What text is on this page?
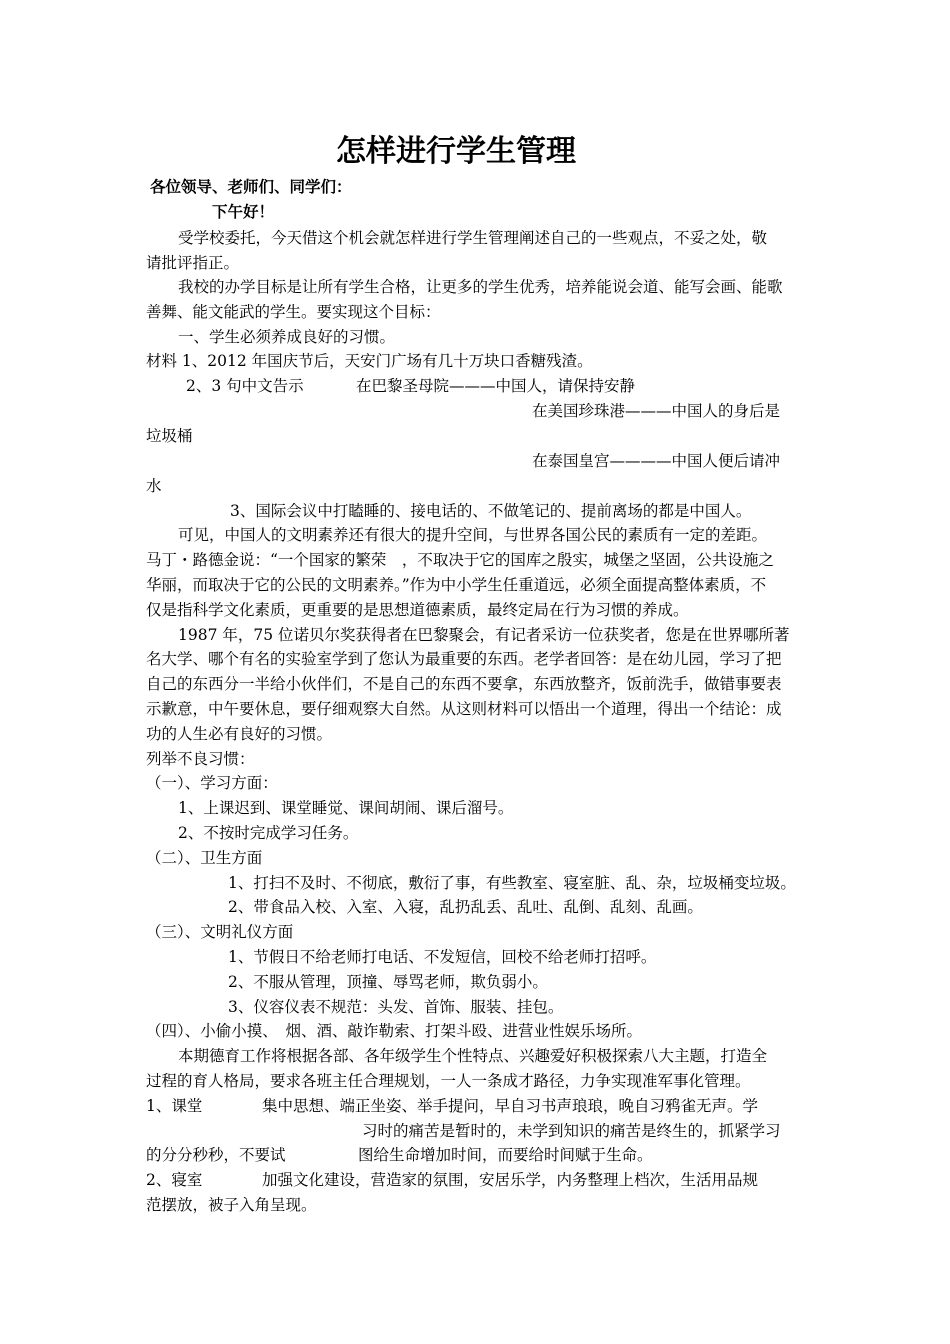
怎样进行学生管理
各位领导、老师们、同学们：
下午好！
受学校委托，今天借这个机会就怎样进行学生管理阐述自己的一些观点，不妥之处，敬
请批评指正。
我校的办学目标是让所有学生合格，让更多的学生优秀，培养能说会道、能写会画、能歌
善舞、能文能武的学生。要实现这个目标：
一、学生必须养成良好的习惯。
材料 1、2012 年国庆节后，天安门广场有几十万块口香糖残渣。
2、3 句中文告示	在巴黎圣母院———中国人，请保持安静
在美国珍珠港———中国人的身后是
垃圾桶
在泰国皇宫————中国人便后请冲
水
3、国际会议中打瞌睡的、接电话的、不做笔记的、提前离场的都是中国人。
可见，中国人的文明素养还有很大的提升空间，与世界各国公民的素质有一定的差距。
马丁・路德金说：“一个国家的繁荣　，不取决于它的国库之殷实，城堡之坚固，公共设施之
华丽，而取决于它的公民的文明素养。”作为中小学生任重道远，必须全面提高整体素质，不
仅是指科学文化素质，更重要的是思想道德素质，最终定局在行为习惯的养成。
1987 年，75 位诺贝尔奖获得者在巴黎聚会，有记者采访一位获奖者，您是在世界哪所著
名大学、哪个有名的实验室学到了您认为最重要的东西。老学者回答：是在幼儿园，学习了把
自己的东西分一半给小伙伴们，不是自己的东西不要拿，东西放整齐，饭前洗手，做错事要表
示歉意，中午要休息，要仔细观察大自然。从这则材料可以悟出一个道理，得出一个结论：成
功的人生必有良好的习惯。
列举不良习惯：
（一）、学习方面：
1、上课迟到、课堂睡觉、课间胡闹、课后溜号。
2、不按时完成学习任务。
（二）、卫生方面
1、打扫不及时、不彻底，敷衍了事，有些教室、寝室脏、乱、杂，垃圾桶变垃圾。
2、带食品入校、入室、入寝，乱扔乱丢、乱吐、乱倒、乱刻、乱画。
（三）、文明礼仪方面
1、节假日不给老师打电话、不发短信，回校不给老师打招呼。
2、不服从管理，顶撞、辱骂老师，欺负弱小。
3、仪容仪表不规范：头发、首饰、服装、挂包。
（四）、小偷小摸、　烟、酒、敲诈勒索、打架斗殴、进营业性娱乐场所。
本期德育工作将根据各部、各年级学生个性特点、兴趣爱好积极探索八大主题，打造全
过程的育人格局，要求各班主任合理规划，一人一条成才路径，力争实现准军事化管理。
1、课堂	集中思想、端正坐姿、举手提问，早自习书声琅琅，晚自习鸦雀无声。学
习时的痛苦是暂时的，未学到知识的痛苦是终生的，抓紧学习
的分分秒秒，不要试	图给生命增加时间，而要给时间赋于生命。
2、寝室	加强文化建设，营造家的氛围，安居乐学，内务整理上档次，生活用品规
范摆放，被子入角呈现。
